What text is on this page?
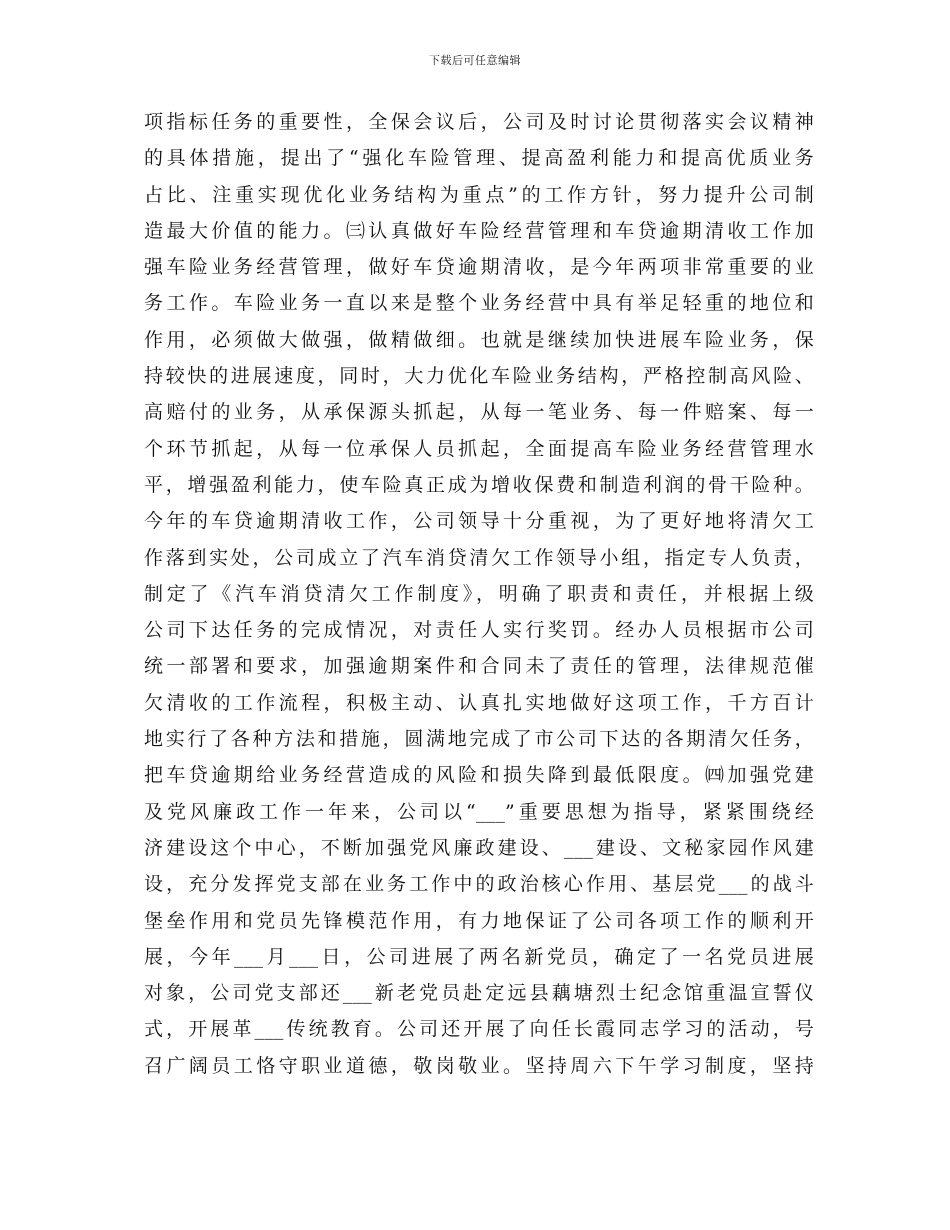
下载后可任意编辑
项指标任务的重要性，全保会议后，公司及时讨论贯彻落实会议精神
的具体措施，提出了“强化车险管理、提高盈利能力和提高优质业务
占比、注重实现优化业务结构为重点”的工作方针，努力提升公司制
造最大价值的能力。㈢认真做好车险经营管理和车贷逾期清收工作加
强车险业务经营管理，做好车贷逾期清收，是今年两项非常重要的业
务工作。车险业务一直以来是整个业务经营中具有举足轻重的地位和
作用，必须做大做强，做精做细。也就是继续加快进展车险业务，保
持较快的进展速度，同时，大力优化车险业务结构，严格控制高风险、
高赔付的业务，从承保源头抓起，从每一笔业务、每一件赔案、每一
个环节抓起，从每一位承保人员抓起，全面提高车险业务经营管理水
平，增强盈利能力，使车险真正成为增收保费和制造利润的骨干险种。
今年的车贷逾期清收工作，公司领导十分重视，为了更好地将清欠工
作落到实处，公司成立了汽车消贷清欠工作领导小组，指定专人负责，
制定了《汽车消贷清欠工作制度》，明确了职责和责任，并根据上级
公司下达任务的完成情况，对责任人实行奖罚。经办人员根据市公司
统一部署和要求，加强逾期案件和合同未了责任的管理，法律规范催
欠清收的工作流程，积极主动、认真扎实地做好这项工作，千方百计
地实行了各种方法和措施，圆满地完成了市公司下达的各期清欠任务，
把车贷逾期给业务经营造成的风险和损失降到最低限度。㈣加强党建
及党风廉政工作一年来，公司以“___”重要思想为指导，紧紧围绕经
济建设这个中心，不断加强党风廉政建设、___建设、文秘家园作风建
设，充分发挥党支部在业务工作中的政治核心作用、基层党___的战斗
堡垒作用和党员先锋模范作用，有力地保证了公司各项工作的顺利开
展，今年___月___日，公司进展了两名新党员，确定了一名党员进展
对象，公司党支部还___新老党员赴定远县藕塘烈士纪念馆重温宣誓仪
式，开展革___传统教育。公司还开展了向任长霞同志学习的活动，号
召广阔员工恪守职业道德，敬岗敬业。坚持周六下午学习制度，坚持
